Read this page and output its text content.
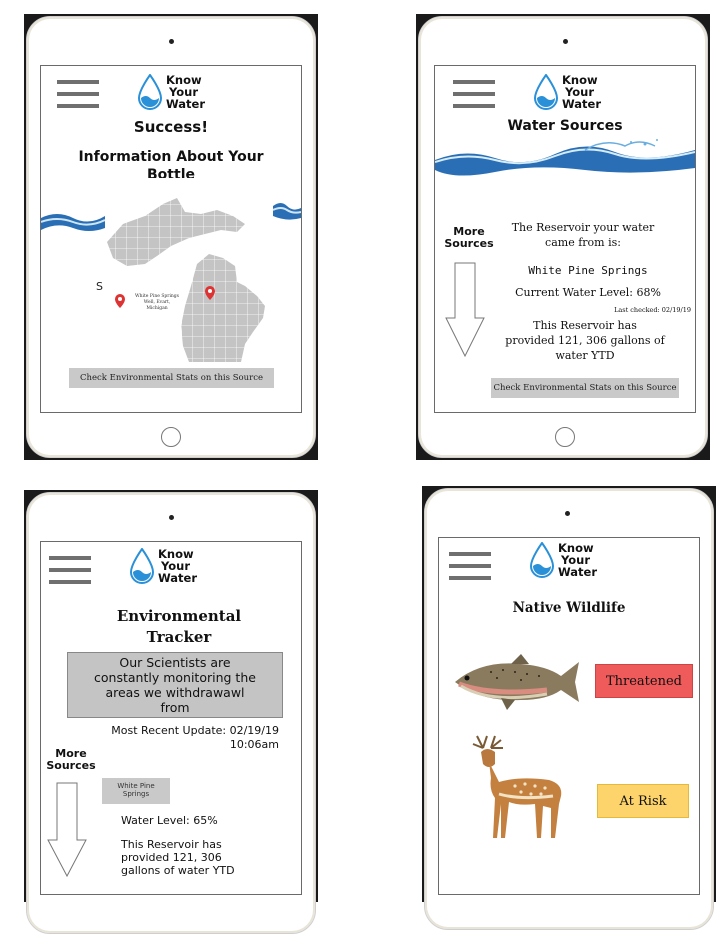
Know
Your
Water
Success!
Information About Your
Bottle
S
White Pine Springs
Well, Evart,
Michigan
Check Environmental Stats on this Source
Know
Your
Water
Water Sources
More
Sources
The Reservoir your water
came from is:
White Pine Springs
Current Water Level: 68%
Last checked: 02/19/19
This Reservoir has
provided 121, 306 gallons of
water YTD
Check Environmental Stats on this Source
Know
Your
Water
Environmental
Tracker
Our Scientists are
constantly monitoring the
areas we withdrawawl
from
Most Recent Update: 02/19/19
10:06am
More
Sources
White Pine
Springs
Water Level: 65%
This Reservoir has
provided 121, 306
gallons of water YTD
Know
Your
Water
Native Wildlife
Threatened
At Risk
